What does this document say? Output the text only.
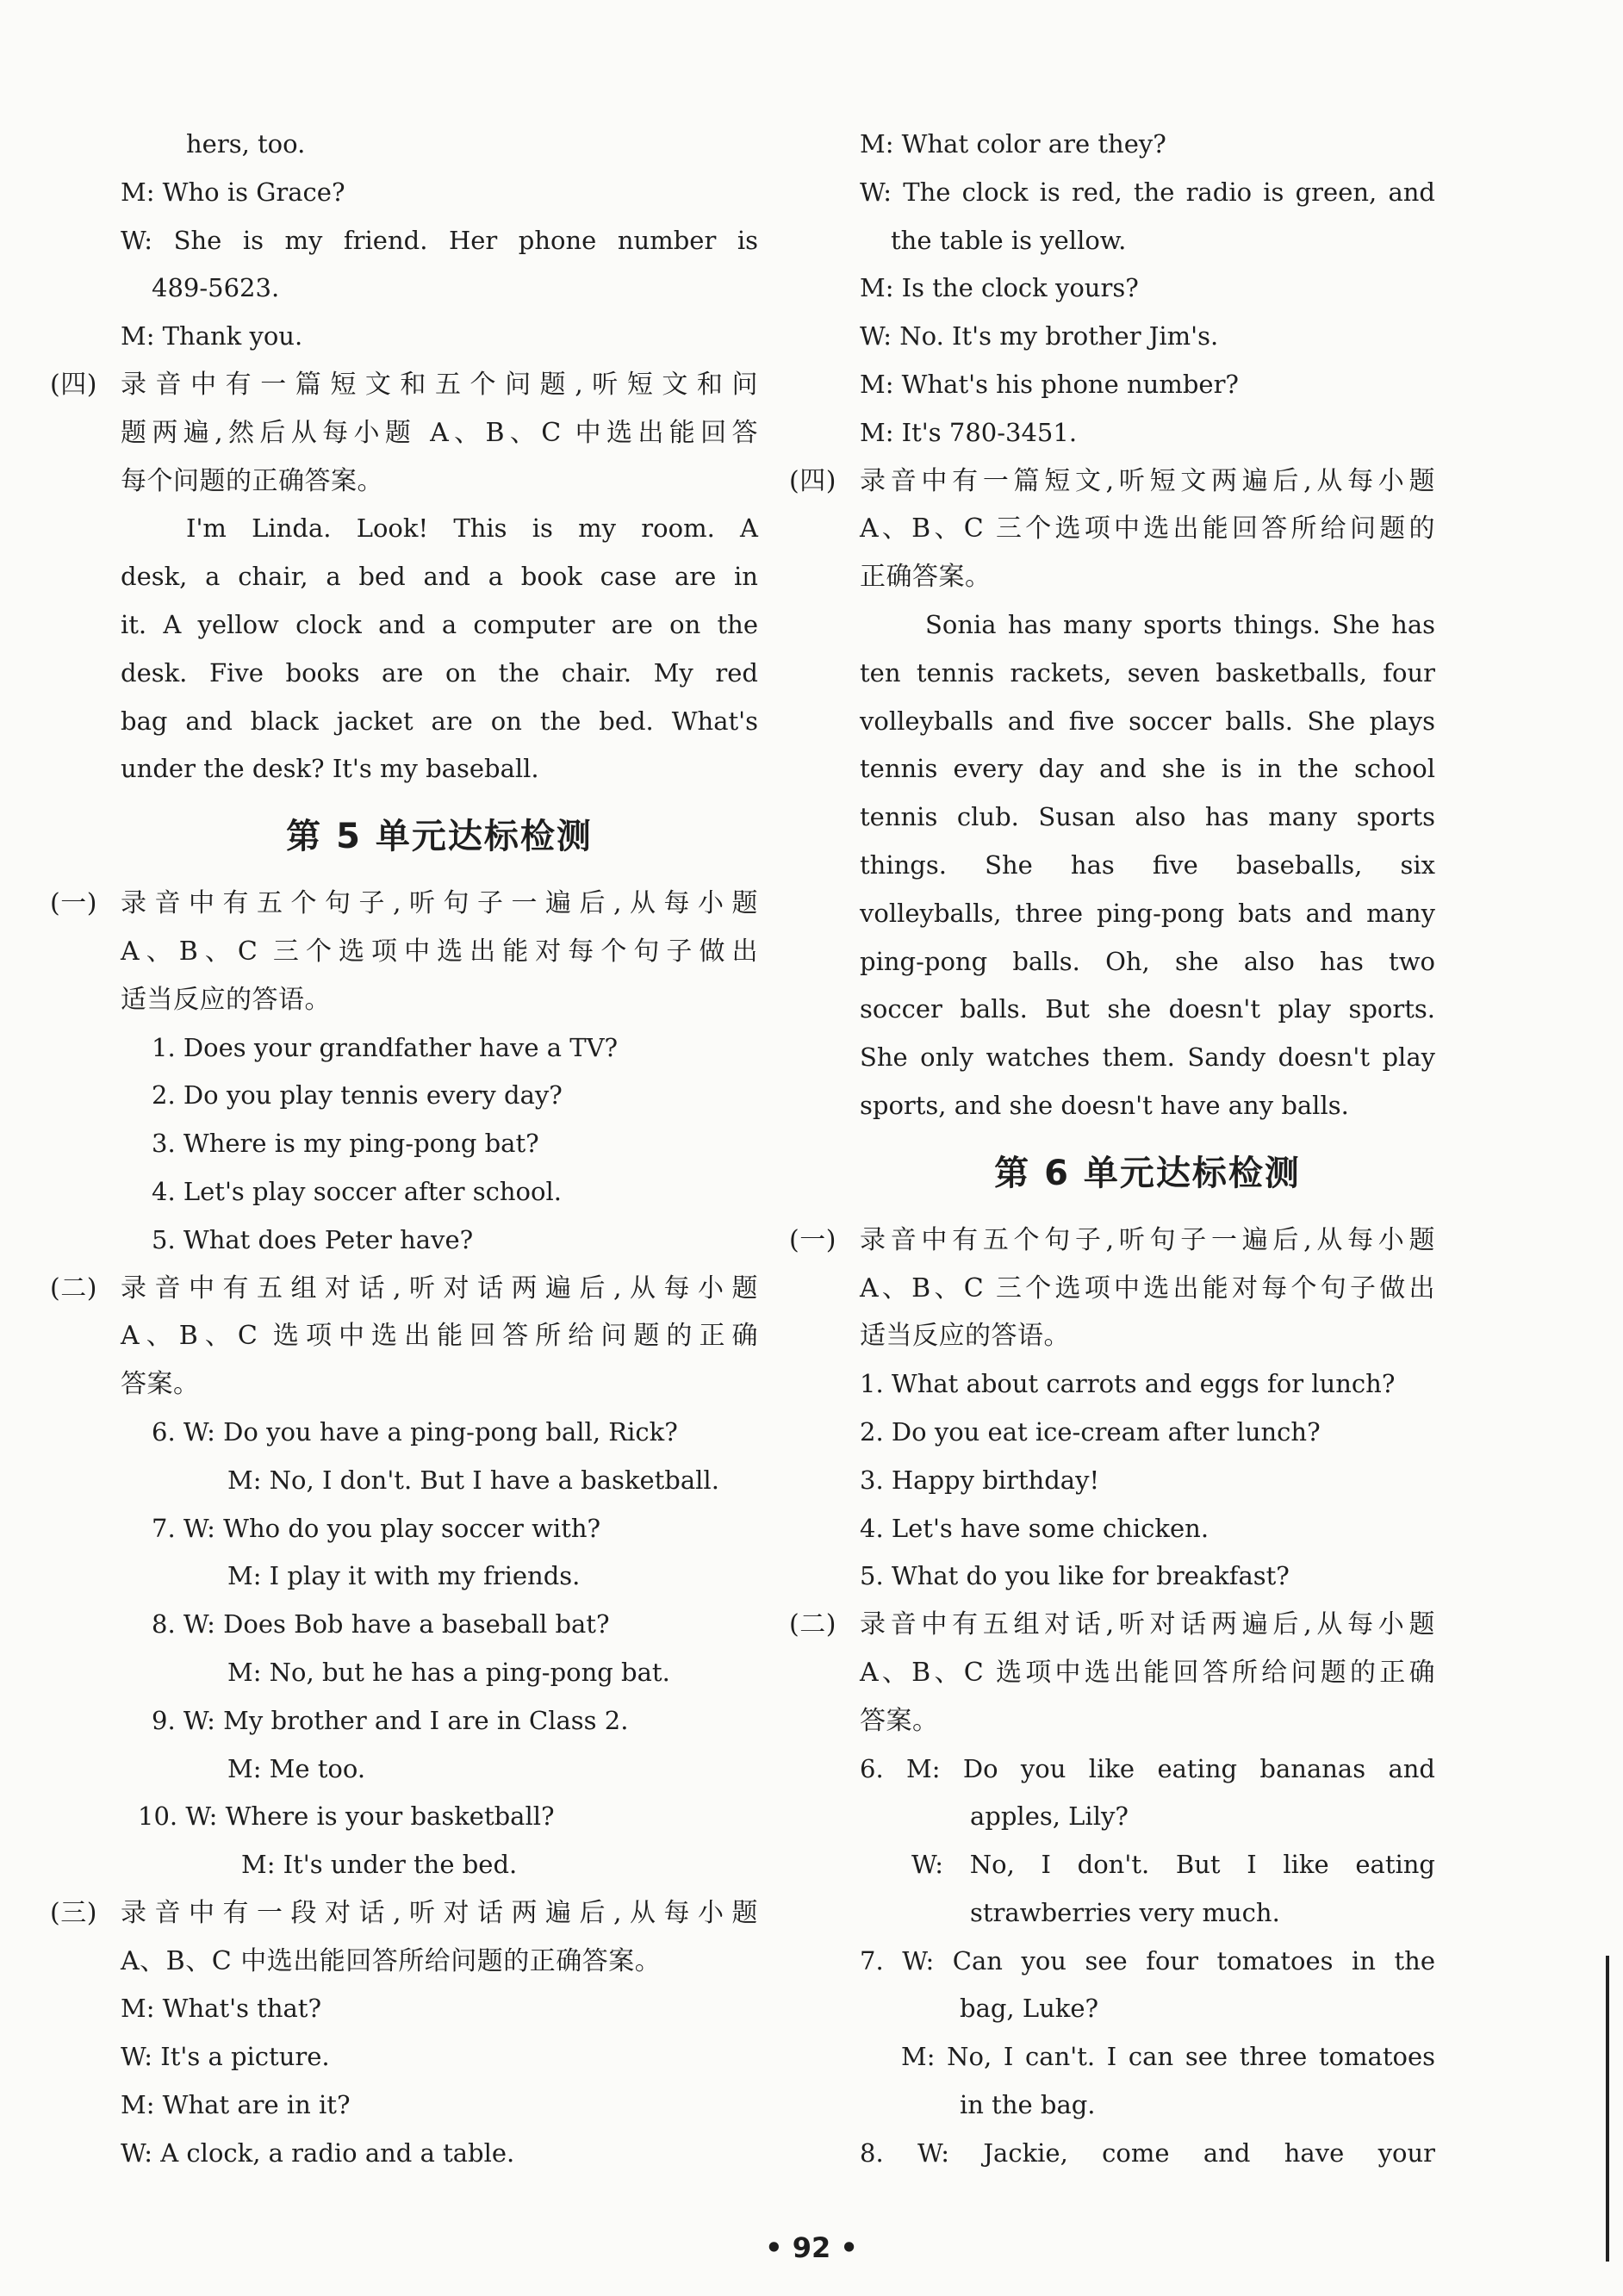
hers, too.
M: Who is Grace?
W: She is my friend. Her phone number is
489-5623.
M: Thank you.
(四) 录音中有一篇短文和五个问题,听短文和问
题两遍,然后从每小题 A、B、C 中选出能回答
每个问题的正确答案。
I'm Linda. Look! This is my room. A
desk, a chair, a bed and a book case are in
it. A yellow clock and a computer are on the
desk. Five books are on the chair. My red
bag and black jacket are on the bed. What's
under the desk? It's my baseball.
第 5 单元达标检测
(一) 录音中有五个句子,听句子一遍后,从每小题
A、B、C 三个选项中选出能对每个句子做出
适当反应的答语。
1. Does your grandfather have a TV?
2. Do you play tennis every day?
3. Where is my ping-pong bat?
4. Let's play soccer after school.
5. What does Peter have?
(二) 录音中有五组对话,听对话两遍后,从每小题
A、B、C 选项中选出能回答所给问题的正确
答案。
6. W: Do you have a ping-pong ball, Rick?
M: No, I don't. But I have a basketball.
7. W: Who do you play soccer with?
M: I play it with my friends.
8. W: Does Bob have a baseball bat?
M: No, but he has a ping-pong bat.
9. W: My brother and I are in Class 2.
M: Me too.
10. W: Where is your basketball?
M: It's under the bed.
(三) 录音中有一段对话,听对话两遍后,从每小题
A、B、C 中选出能回答所给问题的正确答案。
M: What's that?
W: It's a picture.
M: What are in it?
W: A clock, a radio and a table.
M: What color are they?
W: The clock is red, the radio is green, and
the table is yellow.
M: Is the clock yours?
W: No. It's my brother Jim's.
M: What's his phone number?
M: It's 780-3451.
(四) 录音中有一篇短文,听短文两遍后,从每小题
A、B、C 三个选项中选出能回答所给问题的
正确答案。
Sonia has many sports things. She has
ten tennis rackets, seven basketballs, four
volleyballs and five soccer balls. She plays
tennis every day and she is in the school
tennis club. Susan also has many sports
things. She has five baseballs, six
volleyballs, three ping-pong bats and many
ping-pong balls. Oh, she also has two
soccer balls. But she doesn't play sports.
She only watches them. Sandy doesn't play
sports, and she doesn't have any balls.
第 6 单元达标检测
(一) 录音中有五个句子,听句子一遍后,从每小题
A、B、C 三个选项中选出能对每个句子做出
适当反应的答语。
1. What about carrots and eggs for lunch?
2. Do you eat ice-cream after lunch?
3. Happy birthday!
4. Let's have some chicken.
5. What do you like for breakfast?
(二) 录音中有五组对话,听对话两遍后,从每小题
A、B、C 选项中选出能回答所给问题的正确
答案。
6. M: Do you like eating bananas and
apples, Lily?
W: No, I don't. But I like eating
strawberries very much.
7. W: Can you see four tomatoes in the
bag, Luke?
M: No, I can't. I can see three tomatoes
in the bag.
8. W: Jackie, come and have your
• 92 •
